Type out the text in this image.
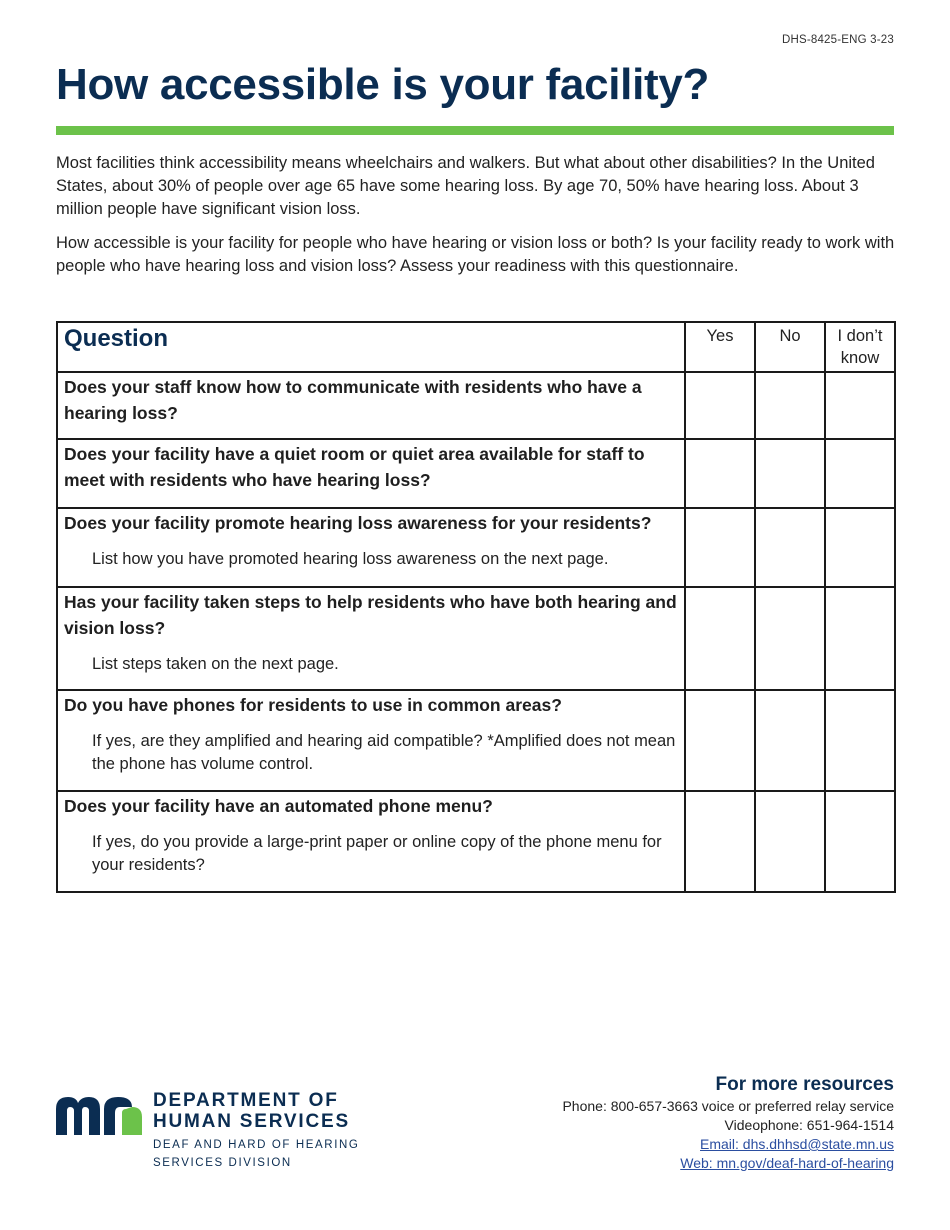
DHS-8425-ENG 3-23
How accessible is your facility?

Most facilities think accessibility means wheelchairs and walkers. But what about other disabilities? In the United States, about 30% of people over age 65 have some hearing loss. By age 70, 50% have hearing loss. About 3 million people have significant vision loss.

How accessible is your facility for people who have hearing or vision loss or both? Is your facility ready to work with people who have hearing loss and vision loss? Assess your readiness with this questionnaire.

Question	Yes	No	I don’t know

Does your staff know how to communicate with residents who have a hearing loss?			

Does your facility have a quiet room or quiet area available for staff to meet with residents who have hearing loss?			

Does your facility promote hearing loss awareness for your residents?
List how you have promoted hearing loss awareness on the next page.			

Has your facility taken steps to help residents who have both hearing and vision loss?
List steps taken on the next page.			

Do you have phones for residents to use in common areas?
If yes, are they amplified and hearing aid compatible? *Amplified does not mean the phone has volume control.			

Does your facility have an automated phone menu?
If yes, do you provide a large-print paper or online copy of the phone menu for your residents?			

DEPARTMENT OF
HUMAN SERVICES
DEAF AND HARD OF HEARING
SERVICES DIVISION
For more resources
Phone: 800-657-3663 voice or preferred relay service
Videophone: 651-964-1514
Email: dhs.dhhsd@state.mn.us
Web: mn.gov/deaf-hard-of-hearing
